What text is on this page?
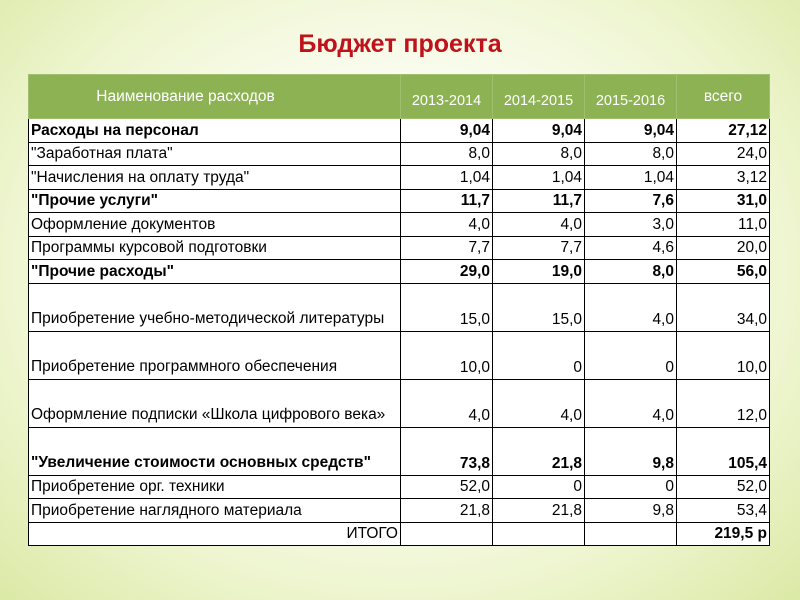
Бюджет проекта
Наименование расходов	2013-2014	2014-2015	2015-2016	всего
Расходы на персонал	9,04	9,04	9,04	27,12
"Заработная плата"	8,0	8,0	8,0	24,0
"Начисления на оплату труда"	1,04	1,04	1,04	3,12
"Прочие услуги"	11,7	11,7	7,6	31,0
Оформление документов	4,0	4,0	3,0	11,0
Программы курсовой подготовки	7,7	7,7	4,6	20,0
"Прочие расходы"	29,0	19,0	8,0	56,0
Приобретение учебно-методической литературы	15,0	15,0	4,0	34,0
Приобретение программного обеспечения	10,0	0	0	10,0
Оформление подписки «Школа цифрового века»	4,0	4,0	4,0	12,0
"Увеличение стоимости основных средств"	73,8	21,8	9,8	105,4
Приобретение орг. техники	52,0	0	0	52,0
Приобретение наглядного материала	21,8	21,8	9,8	53,4
ИТОГО				219,5 р
